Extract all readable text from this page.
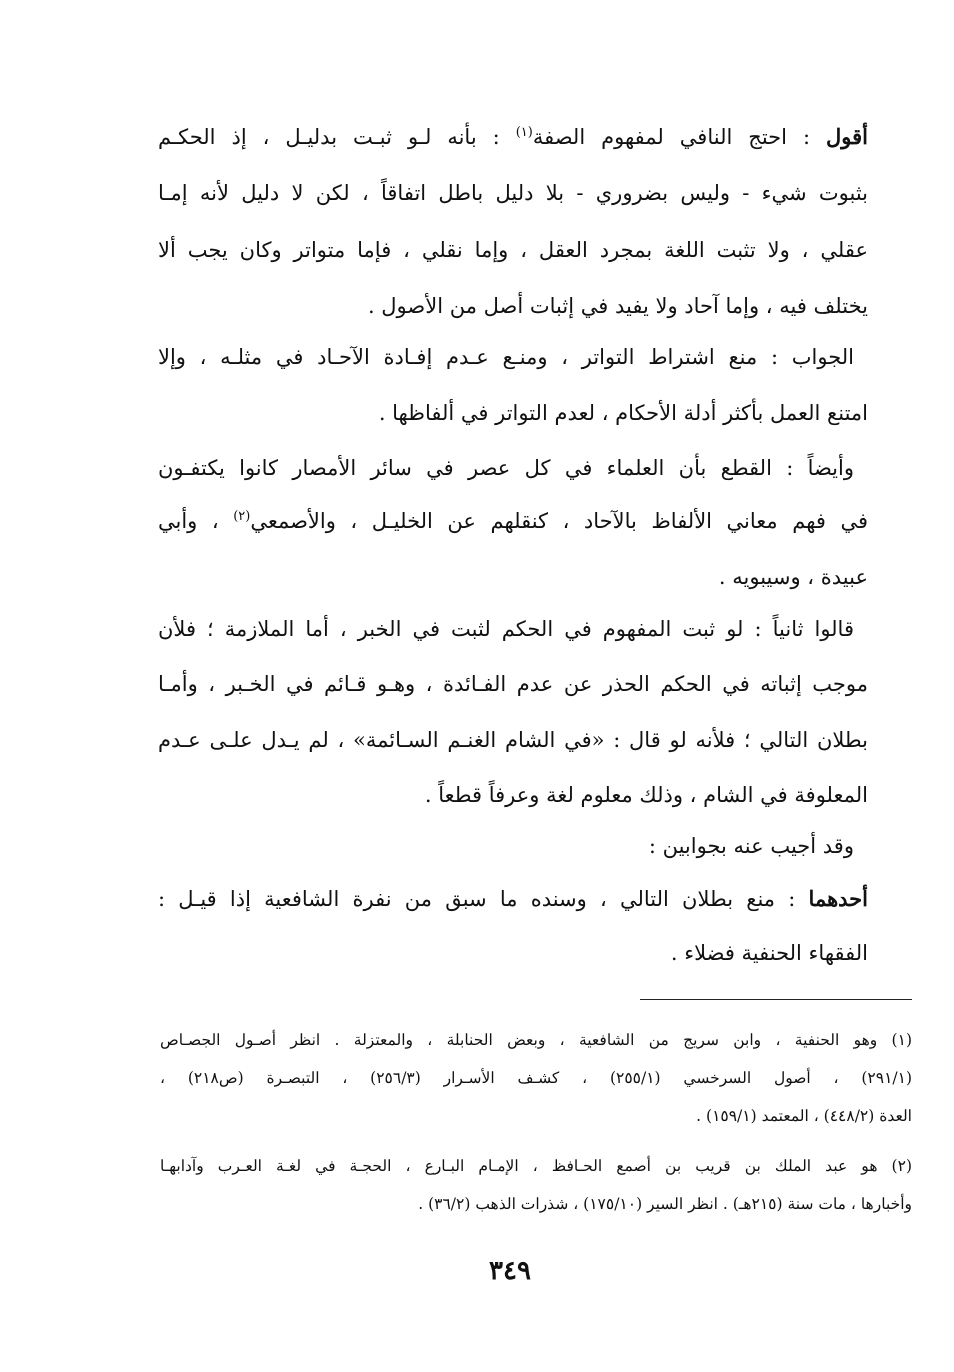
أقول : احتج النافي لمفهوم الصفة$^{(١)}$ : بأنه لـو ثبـت بدليـل ، إذ الحكـم
بثبوت شيء - وليس بضروري - بلا دليل باطل اتفاقاً ، لكن لا دليل لأنه إمـا
عقلي ، ولا تثبت اللغة بمجرد العقل ، وإما نقلي ، فإما متواتر وكان يجب ألا
يختلف فيه ، وإما آحاد ولا يفيد في إثبات أصل من الأصول .
الجواب : منع اشتراط التواتر ، ومنـع عـدم إفـادة الآحـاد في مثلـه ، وإلا
امتنع العمل بأكثر أدلة الأحكام ، لعدم التواتر في ألفاظها .
وأيضاً : القطع بأن العلماء في كل عصر في سائر الأمصار كانوا يكتفـون
في فهم معاني الألفاظ بالآحاد ، كنقلهم عن الخليـل ، والأصمعي$^{(٢)}$ ، وأبي
عبيدة ، وسيبويه .
قالوا ثانياً : لو ثبت المفهوم في الحكم لثبت في الخبر ، أما الملازمة ؛ فلأن
موجب إثباته في الحكم الحذر عن عدم الفـائدة ، وهـو قـائم في الخـبر ، وأمـا
بطلان التالي ؛ فلأنه لو قال : «في الشام الغنـم السـائمة» ، لم يـدل علـى عـدم
المعلوفة في الشام ، وذلك معلوم لغة وعرفاً قطعاً .
وقد أجيب عنه بجوابين :
أحدهما : منع بطلان التالي ، وسنده ما سبق من نفرة الشافعية إذا قيـل :
الفقهاء الحنفية فضلاء .
(١) وهو الحنفية ، وابن سريج من الشافعية ، وبعض الحنابلة ، والمعتزلة . انظر أصـول الجصـاص
(٢٩١/١) ، أصول السرخسي (٢٥٥/١) ، كشـف الأسـرار (٢٥٦/٣) ، التبصـرة (ص٢١٨) ،
العدة (٤٤٨/٢) ، المعتمد (١٥٩/١) .
(٢) هو عبد الملك بن قريب بن أصمع الحـافظ ، الإمـام البـارع ، الحجـة في لغـة العـرب وآدابهـا
وأخبارها ، مات سنة (٢١٥هـ) . انظر السير (١٧٥/١٠) ، شذرات الذهب (٣٦/٢) .
٣٤٩
